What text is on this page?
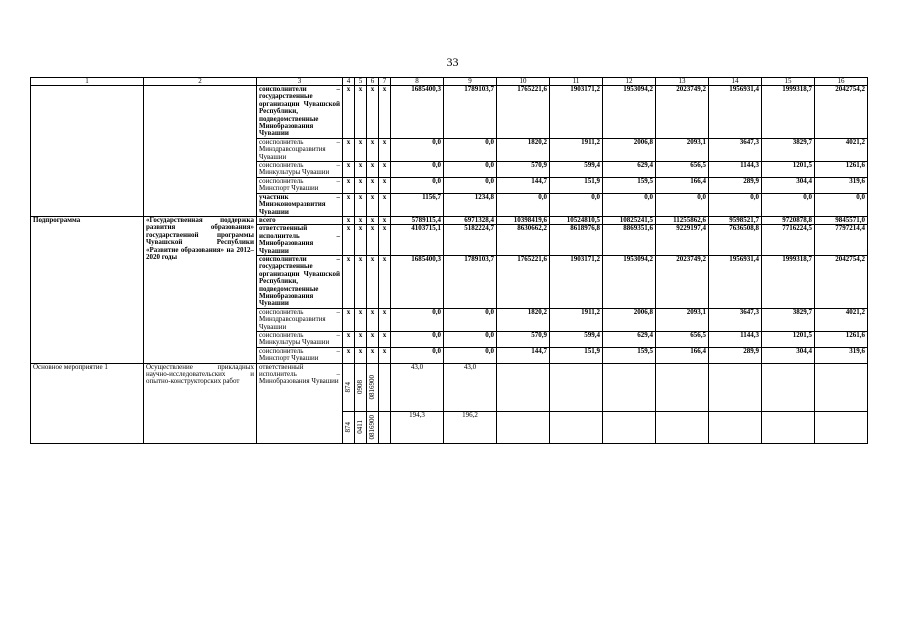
33
1	2	3	4	5	6	7	8	9	10	11	12	13	14	15	16
		соисполнители – государственные организации Чувашской Республики, подведомственные Минобразования Чувашии	x	x	x	x	1685400,3	1789103,7	1765221,6	1903171,2	1953094,2	2023749,2	1956931,4	1999318,7	2042754,2
		соисполнитель – Минздравсоцразвития Чувашии	x	x	x	x	0,0	0,0	1820,2	1911,2	2006,8	2093,1	3647,3	3829,7	4021,2
		соисполнитель – Минкультуры Чувашии	x	x	x	x	0,0	0,0	570,9	599,4	629,4	656,5	1144,3	1201,5	1261,6
		соисполнитель – Минспорт Чувашии	x	x	x	x	0,0	0,0	144,7	151,9	159,5	166,4	289,9	304,4	319,6
		участник – Минэкономразвития Чувашии	x	x	x	x	1156,7	1234,8	0,0	0,0	0,0	0,0	0,0	0,0	0,0
Подпрограмма	«Государственная поддержка развития образования» государственной программы Чувашской Республики «Развитие образования» на 2012–2020 годы	всего	x	x	x	x	5789115,4	6971328,4	10398419,6	10524810,5	10825241,5	11255862,6	9598521,7	9720878,8	9845571,0
		ответственный исполнитель – Минобразования Чувашии	x	x	x	x	4103715,1	5182224,7	8630662,2	8618976,8	8869351,6	9229197,4	7636508,8	7716224,5	7797214,4
		соисполнители – государственные организации Чувашской Республики, подведомственные Минобразования Чувашии	x	x	x	x	1685400,3	1789103,7	1765221,6	1903171,2	1953094,2	2023749,2	1956931,4	1999318,7	2042754,2
		соисполнитель – Минздравсоцразвития Чувашии	x	x	x	x	0,0	0,0	1820,2	1911,2	2006,8	2093,1	3647,3	3829,7	4021,2
		соисполнитель – Минкультуры Чувашии	x	x	x	x	0,0	0,0	570,9	599,4	629,4	656,5	1144,3	1201,5	1261,6
		соисполнитель – Минспорт Чувашии	x	x	x	x	0,0	0,0	144,7	151,9	159,5	166,4	289,9	304,4	319,6
Основное мероприятие 1	Осуществление прикладных научно-исследовательских и опытно-конструкторских работ	ответственный исполнитель – Минобразования Чувашии	874	0908	0816900		43,0	43,0							

			874	0411	0816900		194,3	196,2							
